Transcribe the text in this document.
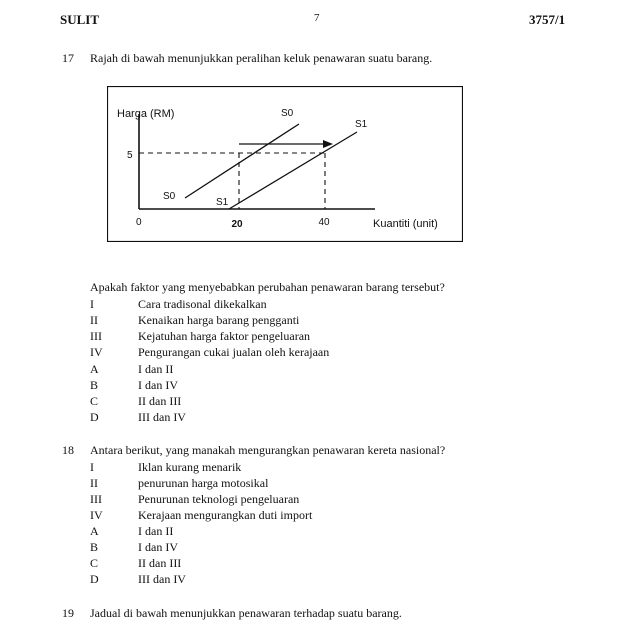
SULIT	7	3757/1
17 Rajah di bawah menunjukkan peralihan keluk penawaran suatu barang.
Harga (RM)
Kuantiti (unit)
5
0	20	40
S0
S1
S0
S1
Apakah faktor yang menyebabkan perubahan penawaran barang tersebut?
I	Cara tradisonal dikekalkan
II	Kenaikan harga barang pengganti
III	Kejatuhan harga faktor pengeluaran
IV	Pengurangan cukai jualan oleh kerajaan
A	I dan II
B	I dan IV
C	II dan III
D	III dan IV
18 Antara berikut, yang manakah mengurangkan penawaran kereta nasional?
I	Iklan kurang menarik
II	penurunan harga motosikal
III	Penurunan teknologi pengeluaran
IV	Kerajaan mengurangkan duti import
A	I dan II
B	I dan IV
C	II dan III
D	III dan IV
19 Jadual di bawah menunjukkan penawaran terhadap suatu barang.
